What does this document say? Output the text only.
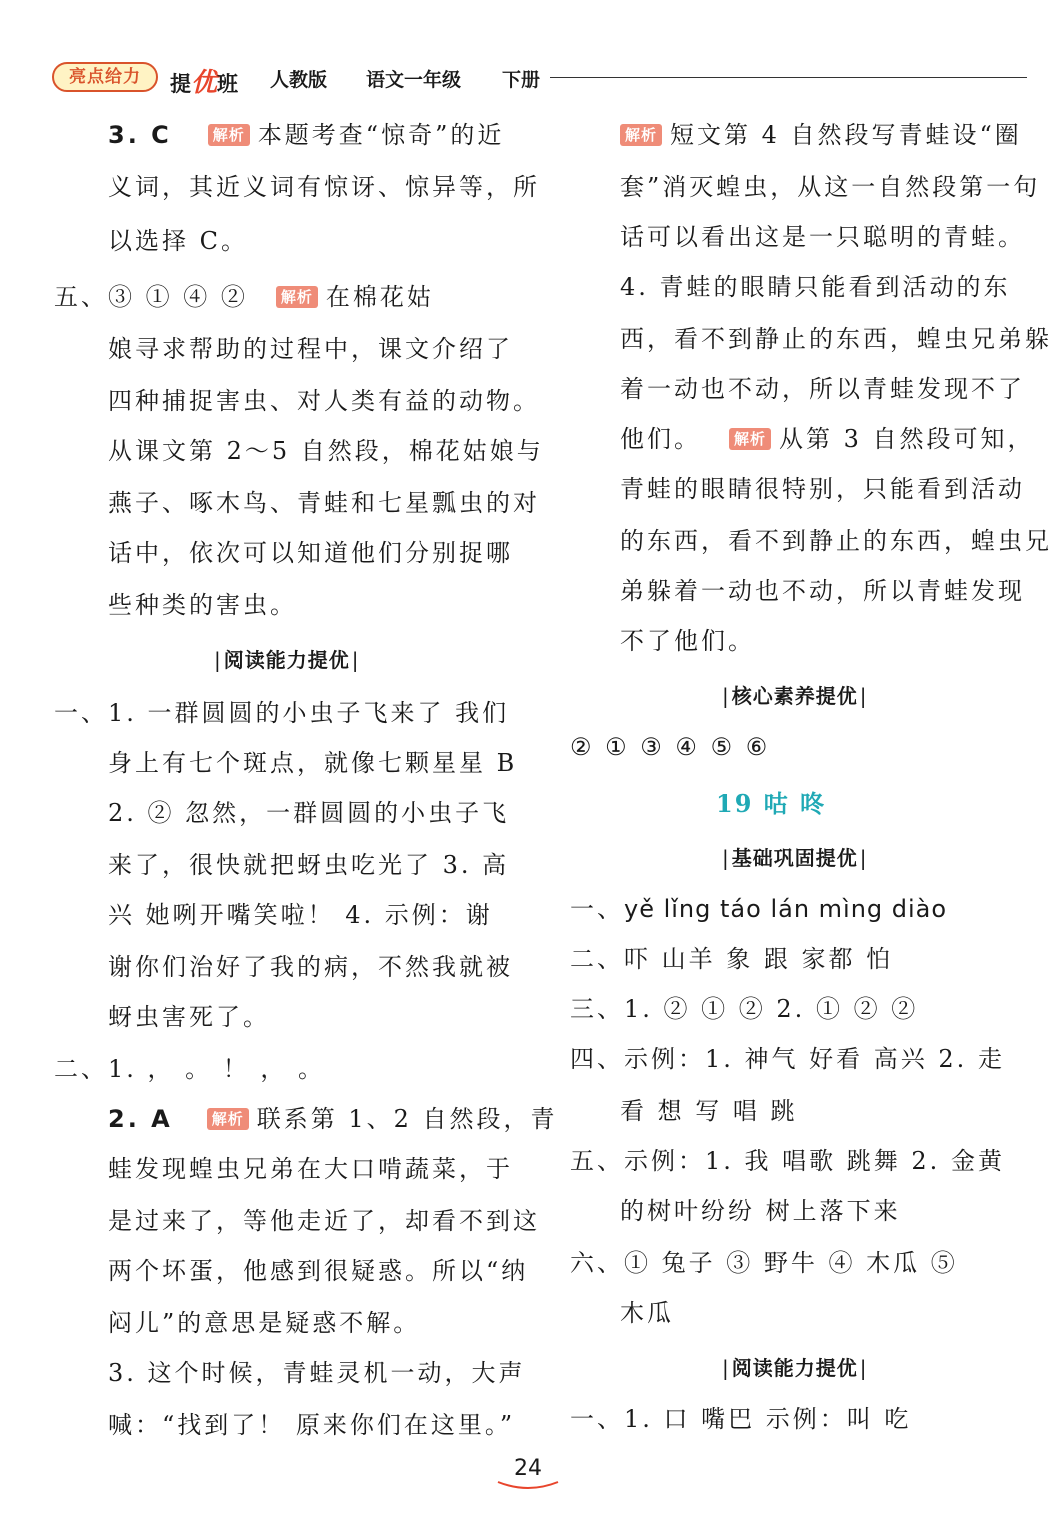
亮点给力	提优班 人教版 语文一年级 下册
3. C	解析 本题考查“惊奇”的近
义词，其近义词有惊讶、惊异等，所
以选择 C。
五、③ ① ④ ② 解析 在棉花姑
娘寻求帮助的过程中，课文介绍了
四种捕捉害虫、对人类有益的动物。
从课文第 2～5 自然段，棉花姑娘与
燕子、啄木鸟、青蛙和七星瓢虫的对
话中，依次可以知道他们分别捉哪
些种类的害虫。
| 阅读能力提优 |
一、1. 一群圆圆的小虫子飞来了 我们
身上有七个斑点，就像七颗星星 B
2. ② 忽然，一群圆圆的小虫子飞
来了，很快就把蚜虫吃光了 3. 高
兴 她咧开嘴笑啦！ 4. 示例：谢
谢你们治好了我的病，不然我就被
蚜虫害死了。
二、1. ， 。 ！ ， 。
2. A	解析 联系第 1、2 自然段，青
蛙发现蝗虫兄弟在大口啃蔬菜，于
是过来了，等他走近了，却看不到这
两个坏蛋，他感到很疑惑。所以“纳
闷儿”的意思是疑惑不解。
3. 这个时候，青蛙灵机一动，大声
喊：“找到了！ 原来你们在这里。”
解析 短文第 4 自然段写青蛙设“圈
套”消灭蝗虫，从这一自然段第一句
话可以看出这是一只聪明的青蛙。
4. 青蛙的眼睛只能看到活动的东
西，看不到静止的东西，蝗虫兄弟躲
着一动也不动，所以青蛙发现不了
他们。 解析 从第 3 自然段可知，
青蛙的眼睛很特别，只能看到活动
的东西，看不到静止的东西，蝗虫兄
弟躲着一动也不动，所以青蛙发现
不了他们。
| 核心素养提优 |
② ① ③ ④ ⑤ ⑥
19 咕 咚
| 基础巩固提优 |
一、yě lǐng táo lán mìng diào
二、吓 山羊 象 跟 家都 怕
三、1. ② ① ② 2. ① ② ②
四、示例：1. 神气 好看 高兴 2. 走
看 想 写 唱 跳
五、示例：1. 我 唱歌 跳舞 2. 金黄
的树叶纷纷 树上落下来
六、① 兔子 ③ 野牛 ④ 木瓜 ⑤
木瓜
| 阅读能力提优 |
一、1. 口 嘴巴 示例：叫 吃
24
